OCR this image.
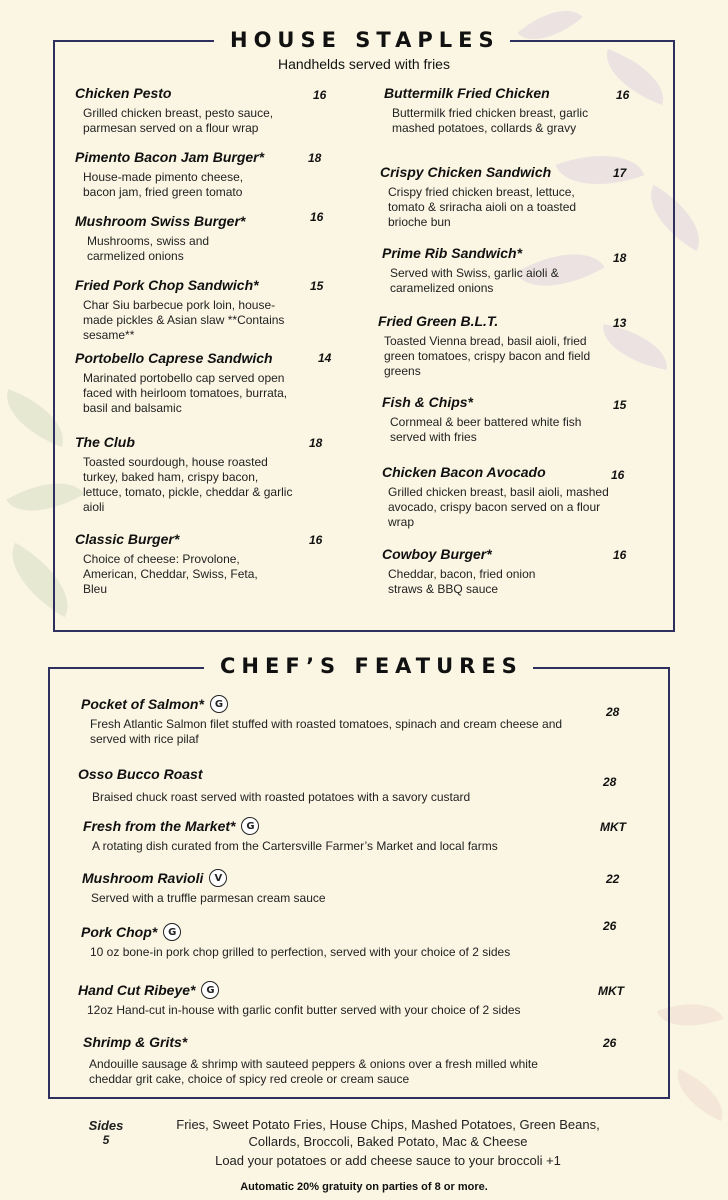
HOUSE STAPLES
Handhelds served with fries
Chicken Pesto
Grilled chicken breast, pesto sauce, parmesan served on a flour wrap
16
Pimento Bacon Jam Burger*
House-made pimento cheese, bacon jam, fried green tomato
18
Mushroom Swiss Burger*
Mushrooms, swiss and carmelized onions
16
Fried Pork Chop Sandwich*
Char Siu barbecue pork loin, house-made pickles & Asian slaw **Contains sesame**
15
Portobello Caprese Sandwich
Marinated portobello cap served open faced with heirloom tomatoes, burrata, basil and balsamic
14
The Club
Toasted sourdough, house roasted turkey, baked ham, crispy bacon, lettuce, tomato, pickle, cheddar & garlic aioli
18
Classic Burger*
Choice of cheese: Provolone, American, Cheddar, Swiss, Feta, Bleu
16
Buttermilk Fried Chicken
Buttermilk fried chicken breast, garlic mashed potatoes, collards & gravy
16
Crispy Chicken Sandwich
Crispy fried chicken breast, lettuce, tomato & sriracha aioli on a toasted brioche bun
17
Prime Rib Sandwich*
Served with Swiss, garlic aioli & caramelized onions
18
Fried Green B.L.T.
Toasted Vienna bread, basil aioli, fried green tomatoes, crispy bacon and field greens
13
Fish & Chips*
Cornmeal & beer battered white fish served with fries
15
Chicken Bacon Avocado
Grilled chicken breast, basil aioli, mashed avocado, crispy bacon served on a flour wrap
16
Cowboy Burger*
Cheddar, bacon, fried onion straws & BBQ sauce
16
CHEF’S FEATURES
Pocket of Salmon*	G
Fresh Atlantic Salmon filet stuffed with roasted tomatoes, spinach and cream cheese and served with rice pilaf
28
Osso Bucco Roast
Braised chuck roast served with roasted potatoes with a savory custard
28
Fresh from the Market*	G
A rotating dish curated from the Cartersville Farmer’s Market and local farms
MKT
Mushroom Ravioli	V
Served with a truffle parmesan cream sauce
22
Pork Chop*	G
10 oz bone-in pork chop grilled to perfection, served with your choice of 2 sides
26
Hand Cut Ribeye*	G
12oz Hand-cut in-house with garlic confit butter served with your choice of 2 sides
MKT
Shrimp & Grits*
Andouille sausage & shrimp with sauteed peppers & onions over a fresh milled white cheddar grit cake, choice of spicy red creole or cream sauce
26
Sides
5
Fries, Sweet Potato Fries, House Chips, Mashed Potatoes, Green Beans, Collards, Broccoli, Baked Potato, Mac & Cheese
Load your potatoes or add cheese sauce to your broccoli +1
Automatic 20% gratuity on parties of 8 or more.
